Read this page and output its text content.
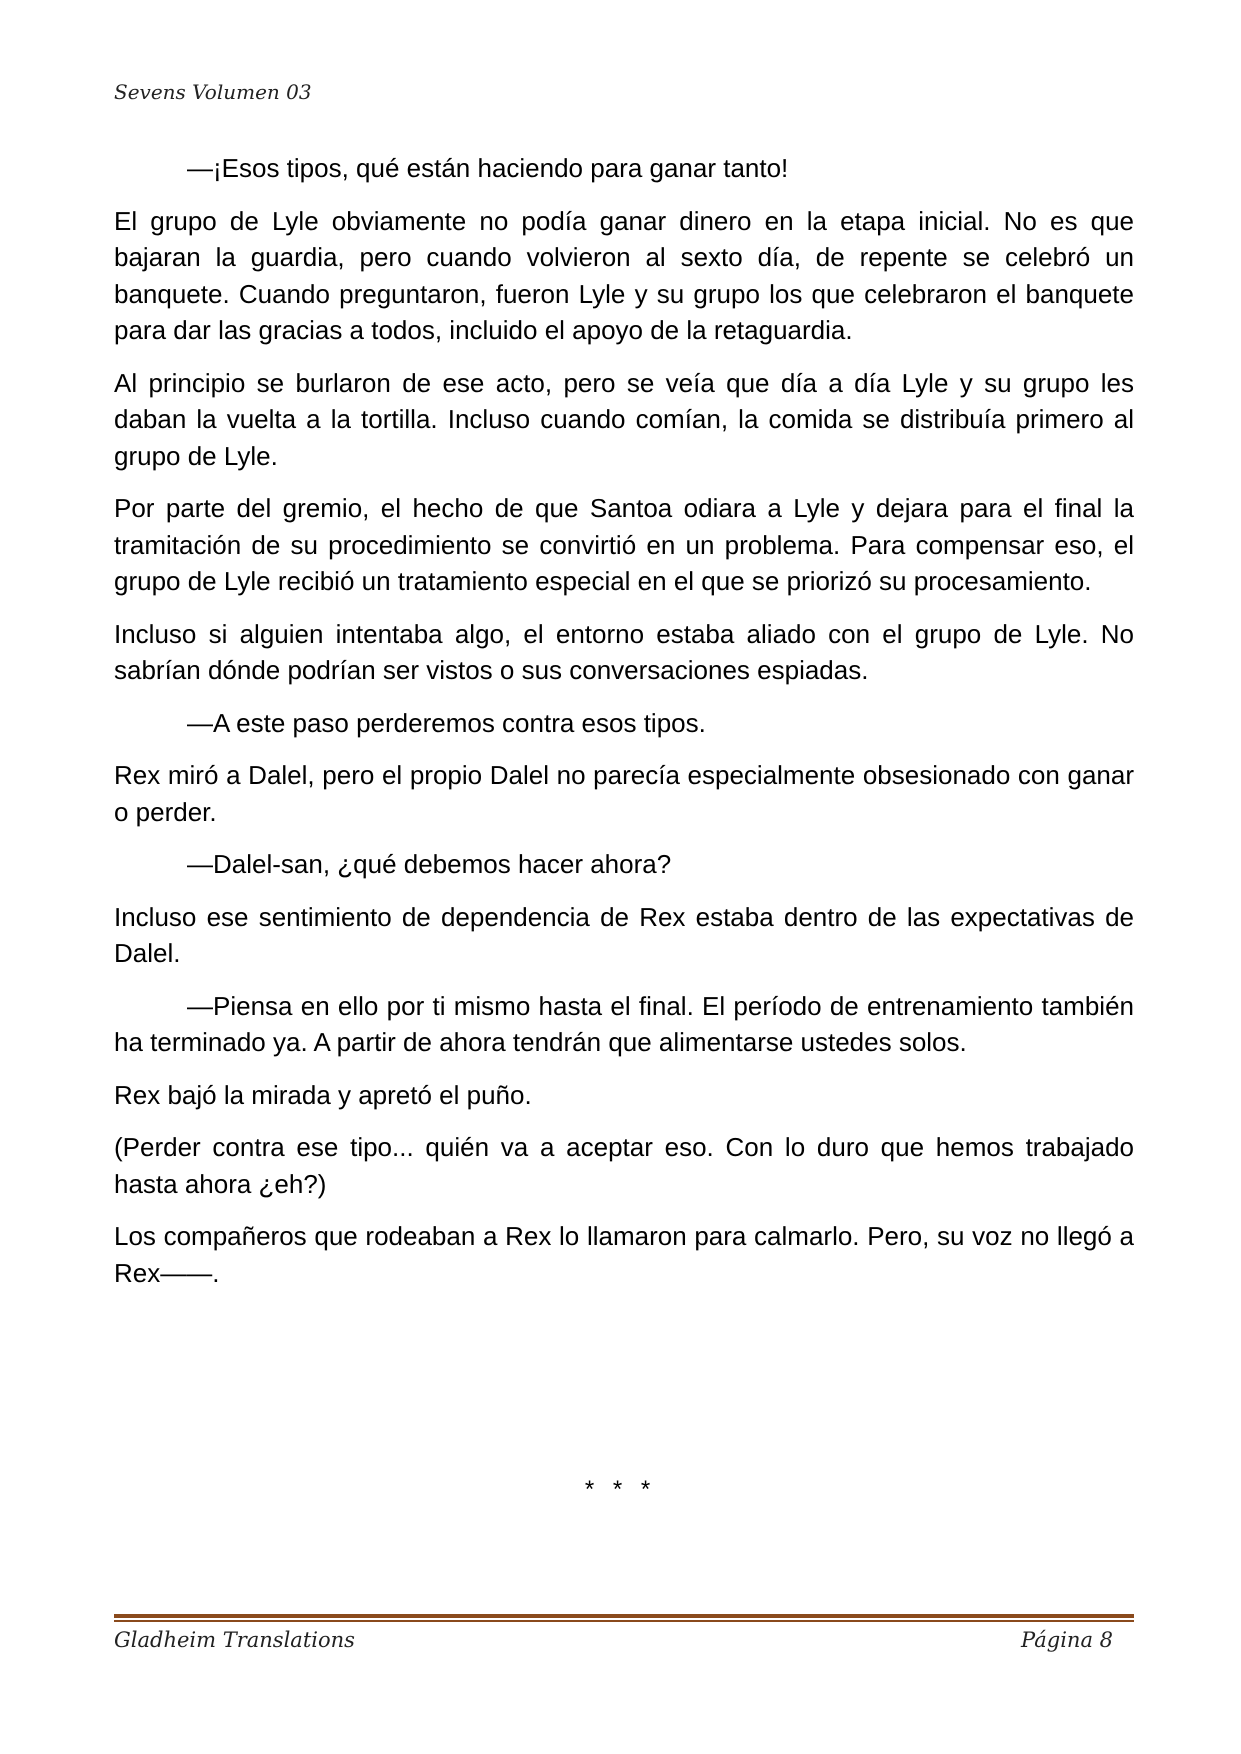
Sevens Volumen 03

—¡Esos tipos, qué están haciendo para ganar tanto!

El grupo de Lyle obviamente no podía ganar dinero en la etapa inicial. No es que bajaran la guardia, pero cuando volvieron al sexto día, de repente se celebró un banquete. Cuando preguntaron, fueron Lyle y su grupo los que celebraron el banquete para dar las gracias a todos, incluido el apoyo de la retaguardia.

Al principio se burlaron de ese acto, pero se veía que día a día Lyle y su grupo les daban la vuelta a la tortilla. Incluso cuando comían, la comida se distribuía primero al grupo de Lyle.

Por parte del gremio, el hecho de que Santoa odiara a Lyle y dejara para el final la tramitación de su procedimiento se convirtió en un problema. Para compensar eso, el grupo de Lyle recibió un tratamiento especial en el que se priorizó su procesamiento.

Incluso si alguien intentaba algo, el entorno estaba aliado con el grupo de Lyle. No sabrían dónde podrían ser vistos o sus conversaciones espiadas.

—A este paso perderemos contra esos tipos.

Rex miró a Dalel, pero el propio Dalel no parecía especialmente obsesionado con ganar o perder.

—Dalel-san, ¿qué debemos hacer ahora?

Incluso ese sentimiento de dependencia de Rex estaba dentro de las expectativas de Dalel.

—Piensa en ello por ti mismo hasta el final. El período de entrenamiento también ha terminado ya. A partir de ahora tendrán que alimentarse ustedes solos.

Rex bajó la mirada y apretó el puño.

(Perder contra ese tipo... quién va a aceptar eso. Con lo duro que hemos trabajado hasta ahora ¿eh?)

Los compañeros que rodeaban a Rex lo llamaron para calmarlo. Pero, su voz no llegó a Rex——.

* * *
Gladheim Translations	Página 8
